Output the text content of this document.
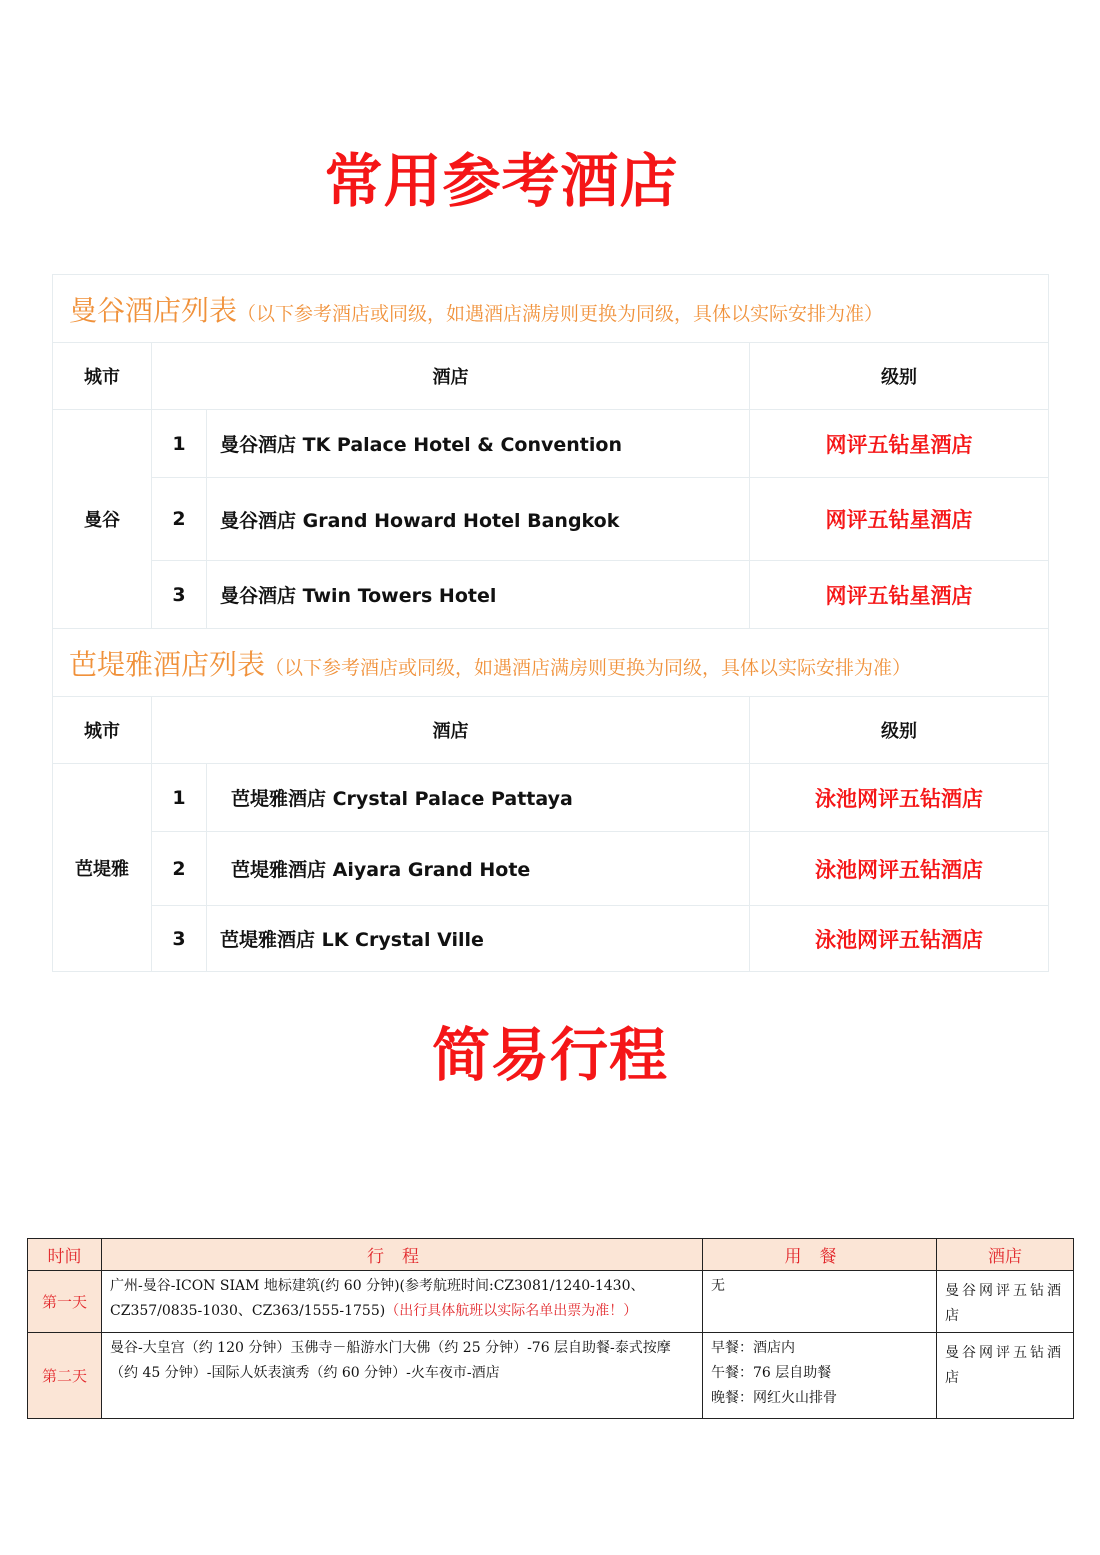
常用参考酒店
曼谷酒店列表（以下参考酒店或同级，如遇酒店满房则更换为同级，具体以实际安排为准）			
城市	酒店		级别
曼谷	1	曼谷酒店 TK Palace Hotel & Convention	网评五钻星酒店
	2	曼谷酒店 Grand Howard Hotel Bangkok	网评五钻星酒店
	3	曼谷酒店 Twin Towers Hotel	网评五钻星酒店
芭堤雅酒店列表（以下参考酒店或同级，如遇酒店满房则更换为同级，具体以实际安排为准）			
城市	酒店		级别
芭堤雅	1	芭堤雅酒店 Crystal Palace Pattaya	泳池网评五钻酒店
	2	芭堤雅酒店 Aiyara Grand Hote	泳池网评五钻酒店
	3	芭堤雅酒店 LK Crystal Ville	泳池网评五钻酒店
简易行程
时间	行程	用餐	酒店
第一天	广州-曼谷-ICON SIAM 地标建筑(约 60 分钟)(参考航班时间:CZ3081/1240-1430、CZ357/0835-1030、CZ363/1555-1755)（出行具体航班以实际名单出票为准！）	无	曼谷网评五钻酒店
第二天	曼谷-大皇宫（约 120 分钟）玉佛寺－船游水门大佛（约 25 分钟）-76 层自助餐-泰式按摩（约 45 分钟）-国际人妖表演秀（约 60 分钟）-火车夜市-酒店	早餐：酒店内
午餐：76 层自助餐
晚餐：网红火山排骨	曼谷网评五钻酒店
